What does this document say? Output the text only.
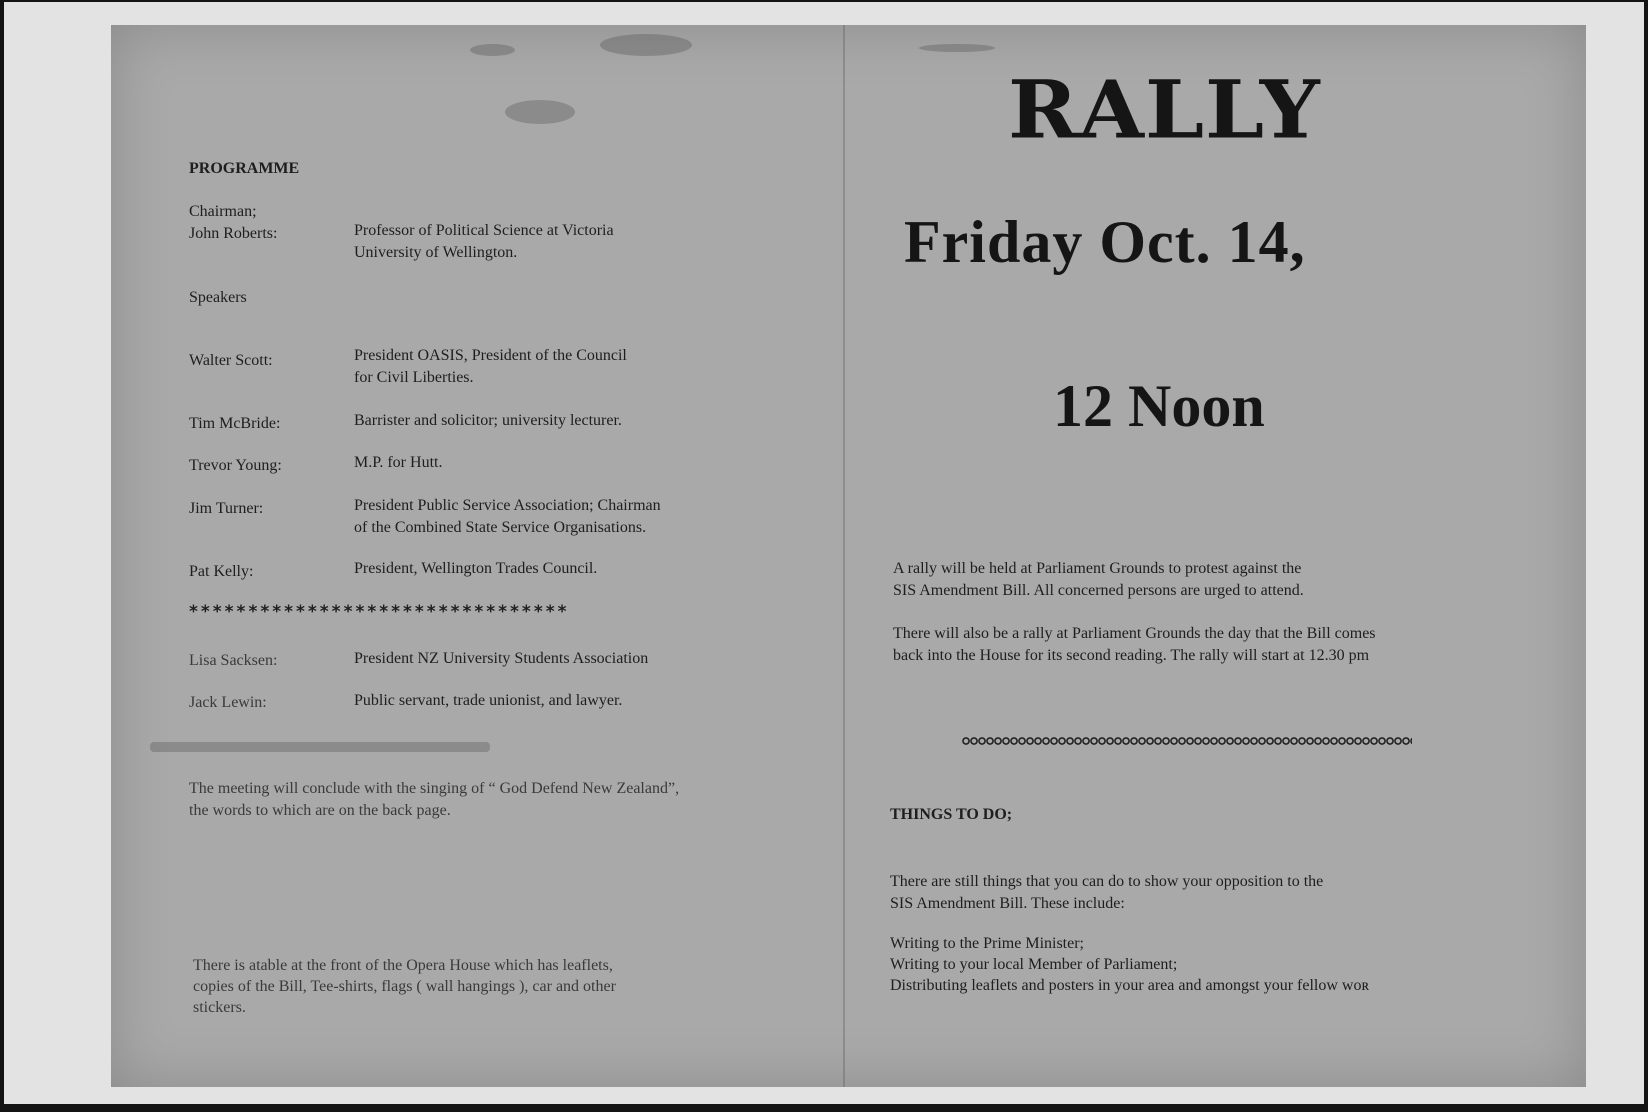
PROGRAMME
Chairman;
John Roberts:	Professor of Political Science at Victoria
University of Wellington.
Speakers
Walter Scott:	President OASIS, President of the Council
for Civil Liberties.
Tim McBride:	Barrister and solicitor; university lecturer.
Trevor Young:	M.P. for Hutt.
Jim Turner:	President Public Service Association; Chairman
of the Combined State Service Organisations.
Pat Kelly:	President, Wellington Trades Council.
********************************
Lisa Sacksen:	President NZ University Students Association
Jack Lewin:	Public servant, trade unionist, and lawyer.
The meeting will conclude with the singing of “ God Defend New Zealand”,
the words to which are on the back page.
There is atable at the front of the Opera House which has leaflets,
copies of the Bill, Tee-shirts, flags ( wall hangings ), car and other
stickers.
RALLY
Friday Oct. 14,
12 Noon
A rally will be held at Parliament Grounds to protest against the
SIS Amendment Bill. All concerned persons are urged to attend.
There will also be a rally at Parliament Grounds the day that the Bill comes
back into the House for its second reading. The rally will start at 12.30 pm
THINGS TO DO;
There are still things that you can do to show your opposition to the
SIS Amendment Bill. These include:
Writing to the Prime Minister;
Writing to your local Member of Parliament;
Distributing leaflets and posters in your area and amongst your fellow woʀ
